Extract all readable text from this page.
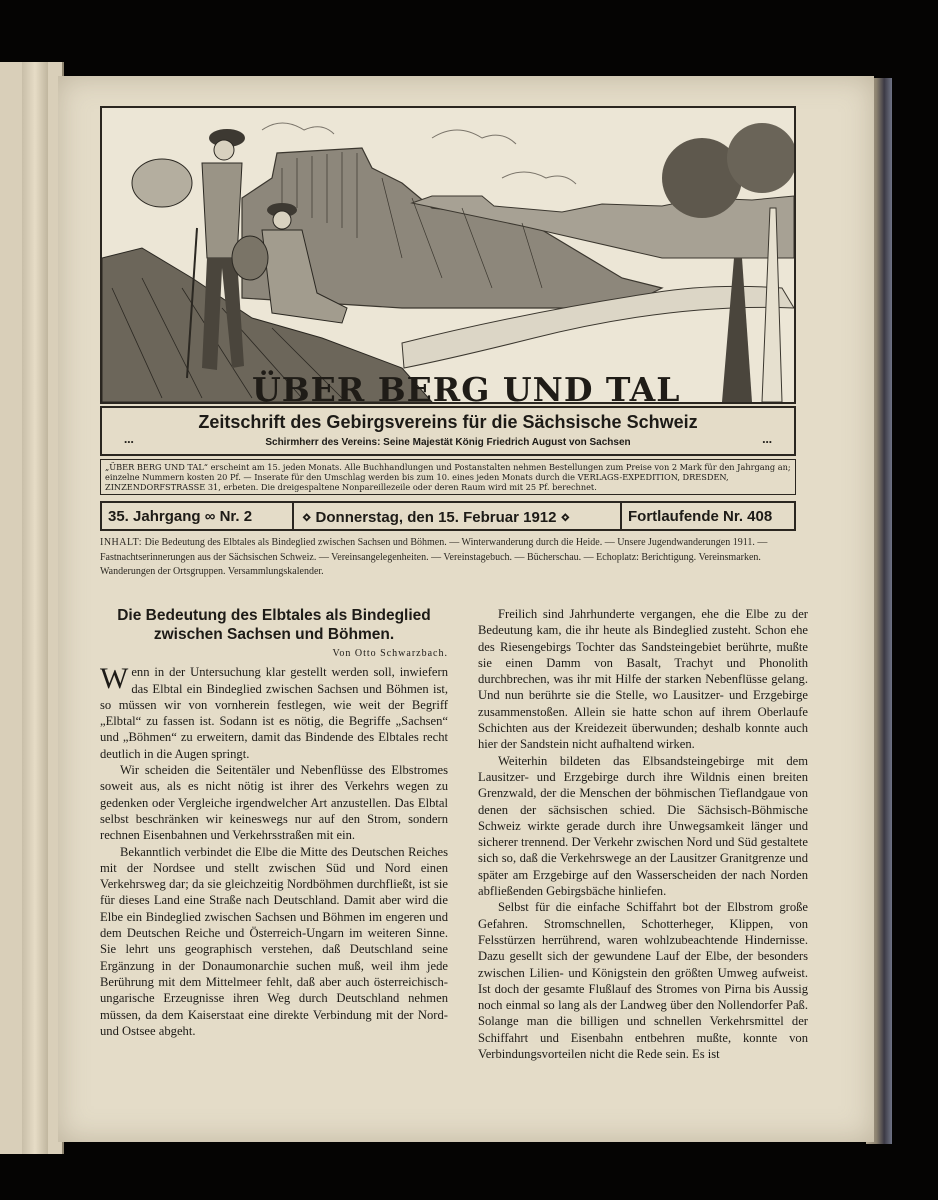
ÜBER BERG UND TAL
Zeitschrift des Gebirgsvereins für die Sächsische Schweiz
Schirmherr des Vereins: Seine Majestät König Friedrich August von Sachsen
...	...
„ÜBER BERG UND TAL“ erscheint am 15. jeden Monats. Alle Buchhandlungen und Postanstalten nehmen Bestellungen zum Preise von 2 Mark für den Jahrgang an; einzelne Nummern kosten 20 Pf. — Inserate für den Umschlag werden bis zum 10. eines jeden Monats durch die VERLAGS-EXPEDITION, DRESDEN, ZINZENDORFSTRASSE 31, erbeten. Die dreigespaltene Nonpareillezeile oder deren Raum wird mit 25 Pf. berechnet.
35. Jahrgang ∞ Nr. 2	⋄ Donnerstag, den 15. Februar 1912 ⋄	Fortlaufende Nr. 408
INHALT: Die Bedeutung des Elbtales als Bindeglied zwischen Sachsen und Böhmen. — Winterwanderung durch die Heide. — Unsere Jugendwanderungen 1911. — Fastnachtserinnerungen aus der Sächsischen Schweiz. — Vereinsangelegenheiten. — Vereinstagebuch. — Bücherschau. — Echoplatz: Berichtigung. Vereinsmarken. Wanderungen der Ortsgruppen. Versammlungskalender.
Die Bedeutung des Elbtales als Bindeglied zwischen Sachsen und Böhmen.
Von Otto Schwarzbach.

Wenn in der Untersuchung klar gestellt werden soll, inwiefern das Elbtal ein Bindeglied zwischen Sachsen und Böhmen ist, so müssen wir von vornherein festlegen, wie weit der Begriff „Elbtal“ zu fassen ist. Sodann ist es nötig, die Begriffe „Sachsen“ und „Böhmen“ zu erweitern, damit das Bindende des Elbtales recht deutlich in die Augen springt.

Wir scheiden die Seitentäler und Nebenflüsse des Elbstromes soweit aus, als es nicht nötig ist ihrer des Verkehrs wegen zu gedenken oder Vergleiche irgendwelcher Art anzustellen. Das Elbtal selbst beschränken wir keineswegs nur auf den Strom, sondern rechnen Eisenbahnen und Verkehrsstraßen mit ein.

Bekanntlich verbindet die Elbe die Mitte des Deutschen Reiches mit der Nordsee und stellt zwischen Süd und Nord einen Verkehrsweg dar; da sie gleichzeitig Nordböhmen durchfließt, ist sie für dieses Land eine Straße nach Deutschland. Damit aber wird die Elbe ein Bindeglied zwischen Sachsen und Böhmen im engeren und dem Deutschen Reiche und Österreich-Ungarn im weiteren Sinne. Sie lehrt uns geographisch verstehen, daß Deutschland seine Ergänzung in der Donaumonarchie suchen muß, weil ihm jede Berührung mit dem Mittelmeer fehlt, daß aber auch österreichisch-ungarische Erzeugnisse ihren Weg durch Deutschland nehmen müssen, da dem Kaiserstaat eine direkte Verbindung mit der Nord- und Ostsee abgeht.

Freilich sind Jahrhunderte vergangen, ehe die Elbe zu der Bedeutung kam, die ihr heute als Bindeglied zusteht. Schon ehe des Riesengebirgs Tochter das Sandsteingebiet berührte, mußte sie einen Damm von Basalt, Trachyt und Phonolith durchbrechen, was ihr mit Hilfe der starken Nebenflüsse gelang. Und nun berührte sie die Stelle, wo Lausitzer- und Erzgebirge zusammenstoßen. Allein sie hatte schon auf ihrem Oberlaufe Schichten aus der Kreidezeit überwunden; deshalb konnte auch hier der Sandstein nicht aufhaltend wirken.

Weiterhin bildeten das Elbsandsteingebirge mit dem Lausitzer- und Erzgebirge durch ihre Wildnis einen breiten Grenzwald, der die Menschen der böhmischen Tieflandgaue von denen der sächsischen schied. Die Sächsisch-Böhmische Schweiz wirkte gerade durch ihre Unwegsamkeit länger und sicherer trennend. Der Verkehr zwischen Nord und Süd gestaltete sich so, daß die Verkehrswege an der Lausitzer Granitgrenze und später am Erzgebirge auf den Wasserscheiden der nach Norden abfließenden Gebirgsbäche hinliefen.

Selbst für die einfache Schiffahrt bot der Elbstrom große Gefahren. Stromschnellen, Schotterheger, Klippen, von Felsstürzen herrührend, waren wohlzubeachtende Hindernisse. Dazu gesellt sich der gewundene Lauf der Elbe, der besonders zwischen Lilien- und Königstein den größten Umweg aufweist. Ist doch der gesamte Flußlauf des Stromes von Pirna bis Aussig noch einmal so lang als der Landweg über den Nollendorfer Paß. Solange man die billigen und schnellen Verkehrsmittel der Schiffahrt und Eisenbahn entbehren mußte, konnte von Verbindungsvorteilen nicht die Rede sein. Es ist
